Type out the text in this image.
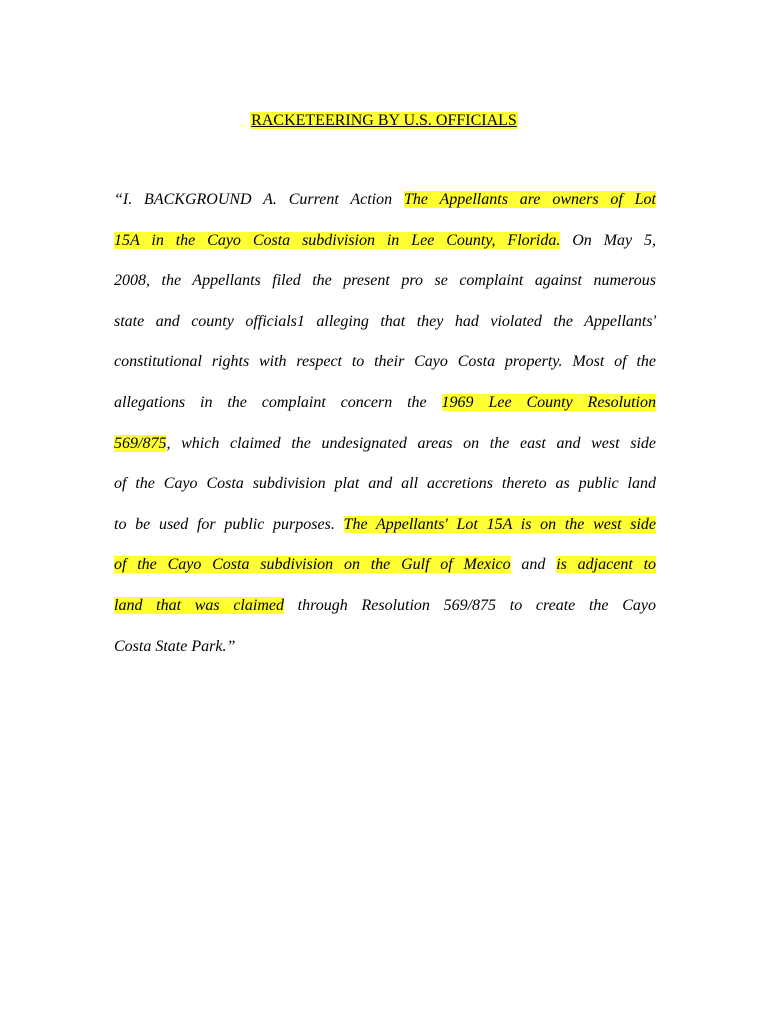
RACKETEERING BY U.S. OFFICIALS
“I. BACKGROUND A. Current Action The Appellants are owners of Lot
15A in the Cayo Costa subdivision in Lee County, Florida. On May 5,
2008, the Appellants filed the present pro se complaint against numerous
state and county officials1 alleging that they had violated the Appellants'
constitutional rights with respect to their Cayo Costa property. Most of the
allegations in the complaint concern the 1969 Lee County Resolution
569/875, which claimed the undesignated areas on the east and west side
of the Cayo Costa subdivision plat and all accretions thereto as public land
to be used for public purposes. The Appellants' Lot 15A is on the west side
of the Cayo Costa subdivision on the Gulf of Mexico and is adjacent to
land that was claimed through Resolution 569/875 to create the Cayo
Costa State Park.”
